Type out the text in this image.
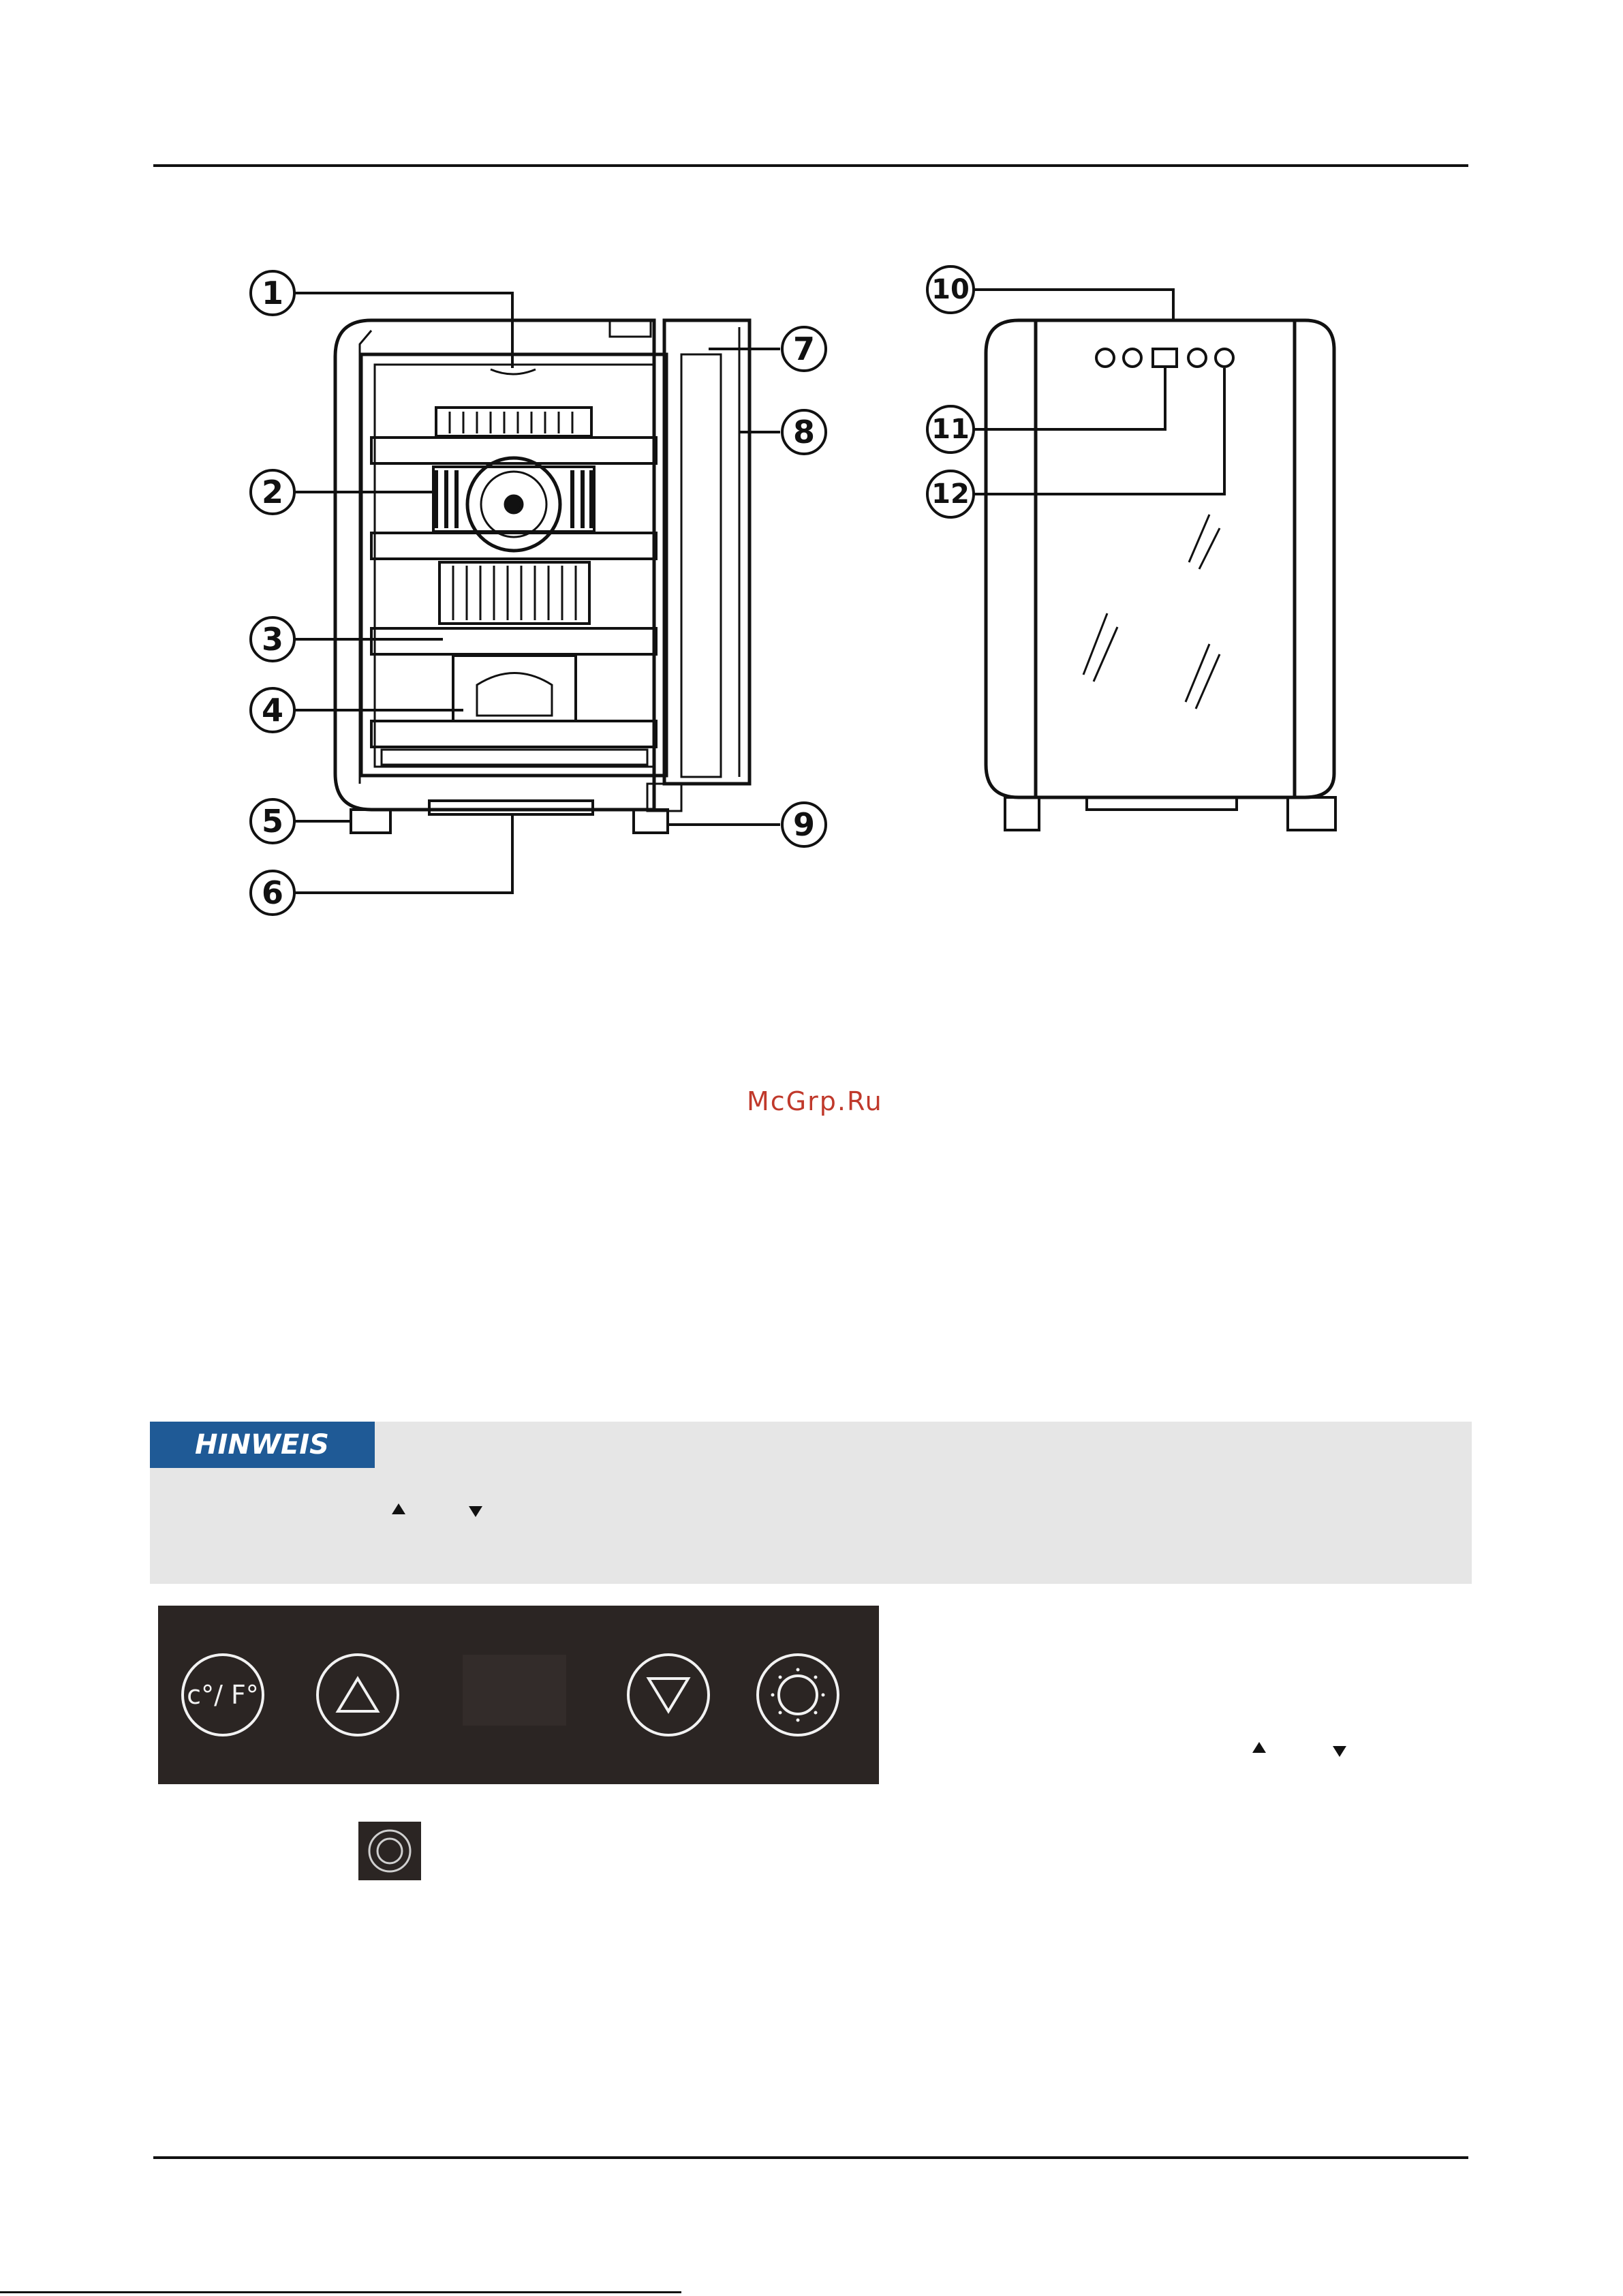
1
2
3
4
5
6
7
8
9
10
11
12
McGrp.Ru
HINWEIS
c°/ F°
